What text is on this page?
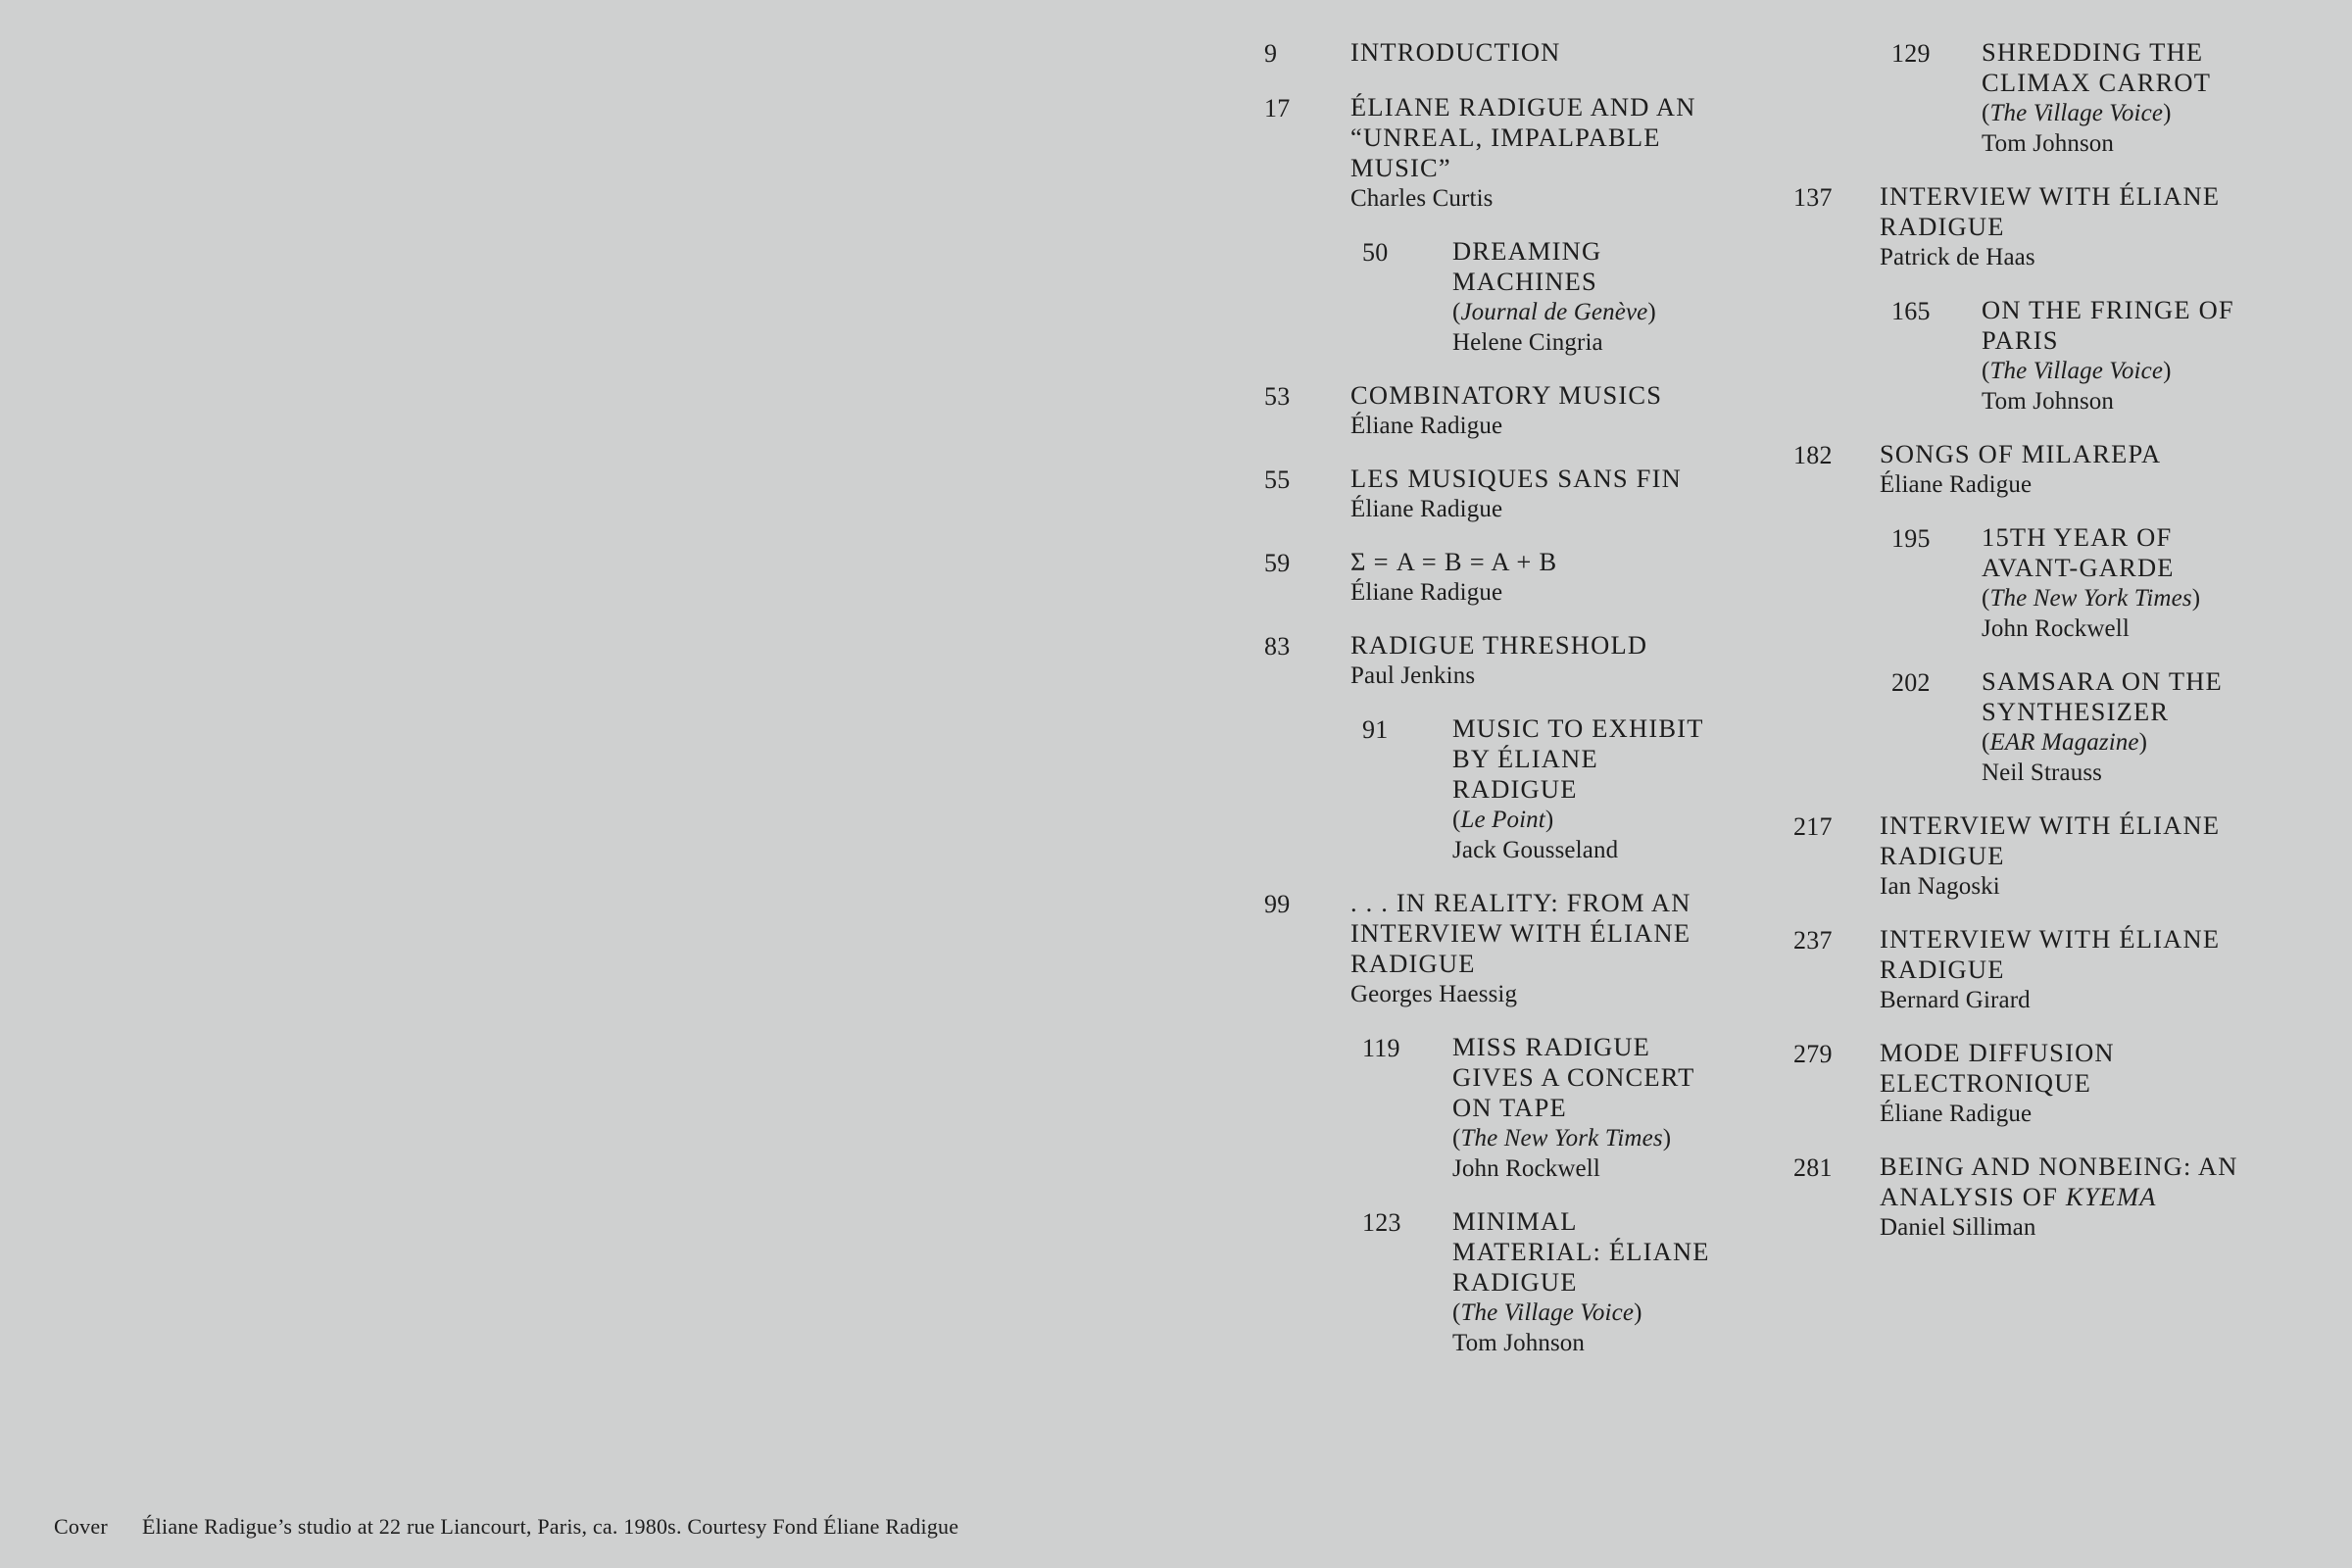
9	INTRODUCTION
17	ÉLIANE RADIGUE AND AN “UNREAL, IMPALPABLE MUSIC”
Charles Curtis
50	DREAMING MACHINES
(Journal de Genève)
Helene Cingria
53	COMBINATORY MUSICS
Éliane Radigue
55	LES MUSIQUES SANS FIN
Éliane Radigue
59	Σ = A = B = A + B
Éliane Radigue
83	RADIGUE THRESHOLD
Paul Jenkins
91	MUSIC TO EXHIBIT BY ÉLIANE RADIGUE
(Le Point)
Jack Gousseland
99	. . . IN REALITY: FROM AN INTERVIEW WITH ÉLIANE RADIGUE
Georges Haessig
119	MISS RADIGUE GIVES A CONCERT ON TAPE
(The New York Times)
John Rockwell
123	MINIMAL MATERIAL: ÉLIANE RADIGUE
(The Village Voice)
Tom Johnson
129	SHREDDING THE CLIMAX CARROT
(The Village Voice)
Tom Johnson
137	INTERVIEW WITH ÉLIANE RADIGUE
Patrick de Haas
165	ON THE FRINGE OF PARIS
(The Village Voice)
Tom Johnson
182	SONGS OF MILAREPA
Éliane Radigue
195	15TH YEAR OF AVANT-GARDE
(The New York Times)
John Rockwell
202	SAMSARA ON THE SYNTHESIZER
(EAR Magazine)
Neil Strauss
217	INTERVIEW WITH ÉLIANE RADIGUE
Ian Nagoski
237	INTERVIEW WITH ÉLIANE RADIGUE
Bernard Girard
279	MODE DIFFUSION ELECTRONIQUE
Éliane Radigue
281	BEING AND NONBEING: AN ANALYSIS OF KYEMA
Daniel Silliman
Cover Éliane Radigue’s studio at 22 rue Liancourt, Paris, ca. 1980s. Courtesy Fond Éliane Radigue
